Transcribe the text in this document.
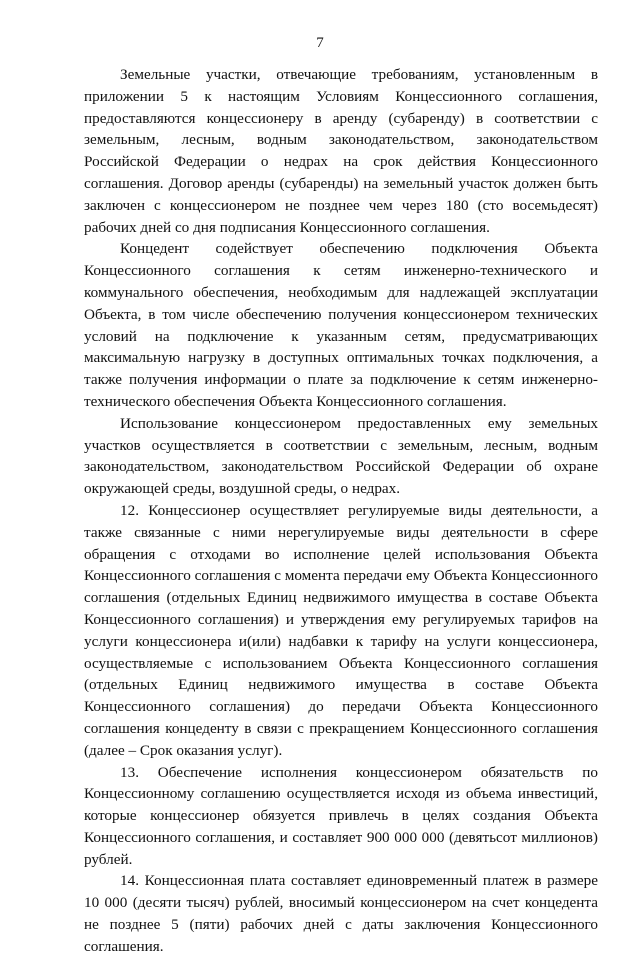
7

Земельные участки, отвечающие требованиям, установленным в приложении 5 к настоящим Условиям Концессионного соглашения, предоставляются концессионеру в аренду (субаренду) в соответствии с земельным, лесным, водным законодательством, законодательством Российской Федерации о недрах на срок действия Концессионного соглашения. Договор аренды (субаренды) на земельный участок должен быть заключен с концессионером не позднее чем через 180 (сто восемьдесят) рабочих дней со дня подписания Концессионного соглашения.

Концедент содействует обеспечению подключения Объекта Концессионного соглашения к сетям инженерно-технического и коммунального обеспечения, необходимым для надлежащей эксплуатации Объекта, в том числе обеспечению получения концессионером технических условий на подключение к указанным сетям, предусматривающих максимальную нагрузку в доступных оптимальных точках подключения, а также получения информации о плате за подключение к сетям инженерно-технического обеспечения Объекта Концессионного соглашения.

Использование концессионером предоставленных ему земельных участков осуществляется в соответствии с земельным, лесным, водным законодательством, законодательством Российской Федерации об охране окружающей среды, воздушной среды, о недрах.

12. Концессионер осуществляет регулируемые виды деятельности, а также связанные с ними нерегулируемые виды деятельности в сфере обращения с отходами во исполнение целей использования Объекта Концессионного соглашения с момента передачи ему Объекта Концессионного соглашения (отдельных Единиц недвижимого имущества в составе Объекта Концессионного соглашения) и утверждения ему регулируемых тарифов на услуги концессионера и(или) надбавки к тарифу на услуги концессионера, осуществляемые с использованием Объекта Концессионного соглашения (отдельных Единиц недвижимого имущества в составе Объекта Концессионного соглашения) до передачи Объекта Концессионного соглашения концеденту в связи с прекращением Концессионного соглашения (далее – Срок оказания услуг).

13. Обеспечение исполнения концессионером обязательств по Концессионному соглашению осуществляется исходя из объема инвестиций, которые концессионер обязуется привлечь в целях создания Объекта Концессионного соглашения, и составляет 900 000 000 (девятьсот миллионов) рублей.

14. Концессионная плата составляет единовременный платеж в размере 10 000 (десяти тысяч) рублей, вносимый концессионером на счет концедента не позднее 5 (пяти) рабочих дней с даты заключения Концессионного соглашения.
